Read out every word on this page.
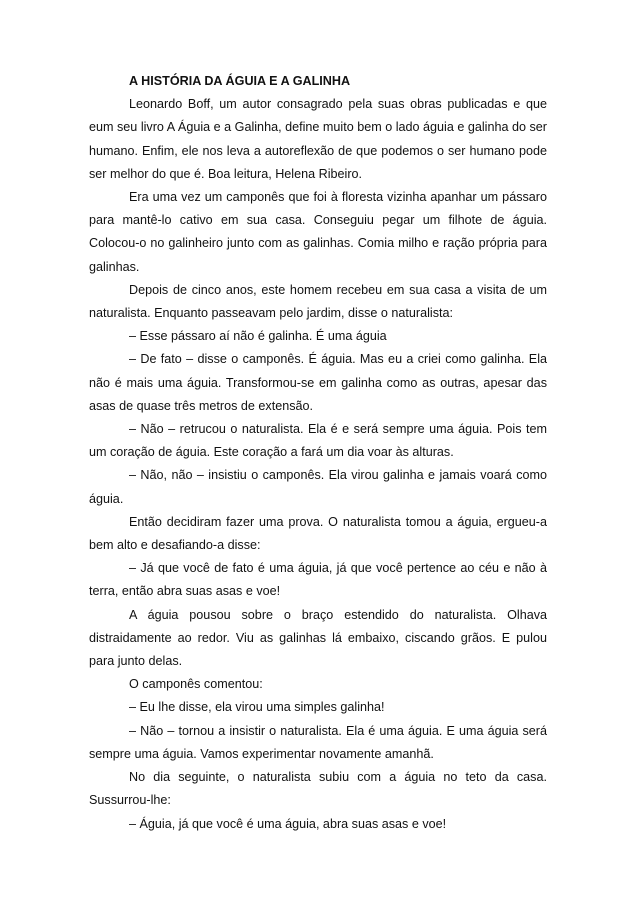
A HISTÓRIA DA ÁGUIA E A GALINHA

Leonardo Boff, um autor consagrado pela suas obras publicadas e que eum seu livro A Águia e a Galinha, define muito bem o lado águia e galinha do ser humano. Enfim, ele nos leva a autoreflexão de que podemos o ser humano pode ser melhor do que é. Boa leitura, Helena Ribeiro.

Era uma vez um camponês que foi à floresta vizinha apanhar um pássaro para mantê-lo cativo em sua casa. Conseguiu pegar um filhote de águia. Colocou-o no galinheiro junto com as galinhas. Comia milho e ração própria para galinhas.

Depois de cinco anos, este homem recebeu em sua casa a visita de um naturalista. Enquanto passeavam pelo jardim, disse o naturalista:

– Esse pássaro aí não é galinha. É uma águia

– De fato – disse o camponês. É águia. Mas eu a criei como galinha. Ela não é mais uma águia. Transformou-se em galinha como as outras, apesar das asas de quase três metros de extensão.

– Não – retrucou o naturalista. Ela é e será sempre uma águia. Pois tem um coração de águia. Este coração a fará um dia voar às alturas.

– Não, não – insistiu o camponês. Ela virou galinha e jamais voará como águia.

Então decidiram fazer uma prova. O naturalista tomou a águia, ergueu-a bem alto e desafiando-a disse:

– Já que você de fato é uma águia, já que você pertence ao céu e não à terra, então abra suas asas e voe!

A águia pousou sobre o braço estendido do naturalista. Olhava distraidamente ao redor. Viu as galinhas lá embaixo, ciscando grãos. E pulou para junto delas.

O camponês comentou:

– Eu lhe disse, ela virou uma simples galinha!

– Não – tornou a insistir o naturalista. Ela é uma águia. E uma águia será sempre uma águia. Vamos experimentar novamente amanhã.

No dia seguinte, o naturalista subiu com a águia no teto da casa. Sussurrou-lhe:

– Águia, já que você é uma águia, abra suas asas e voe!
